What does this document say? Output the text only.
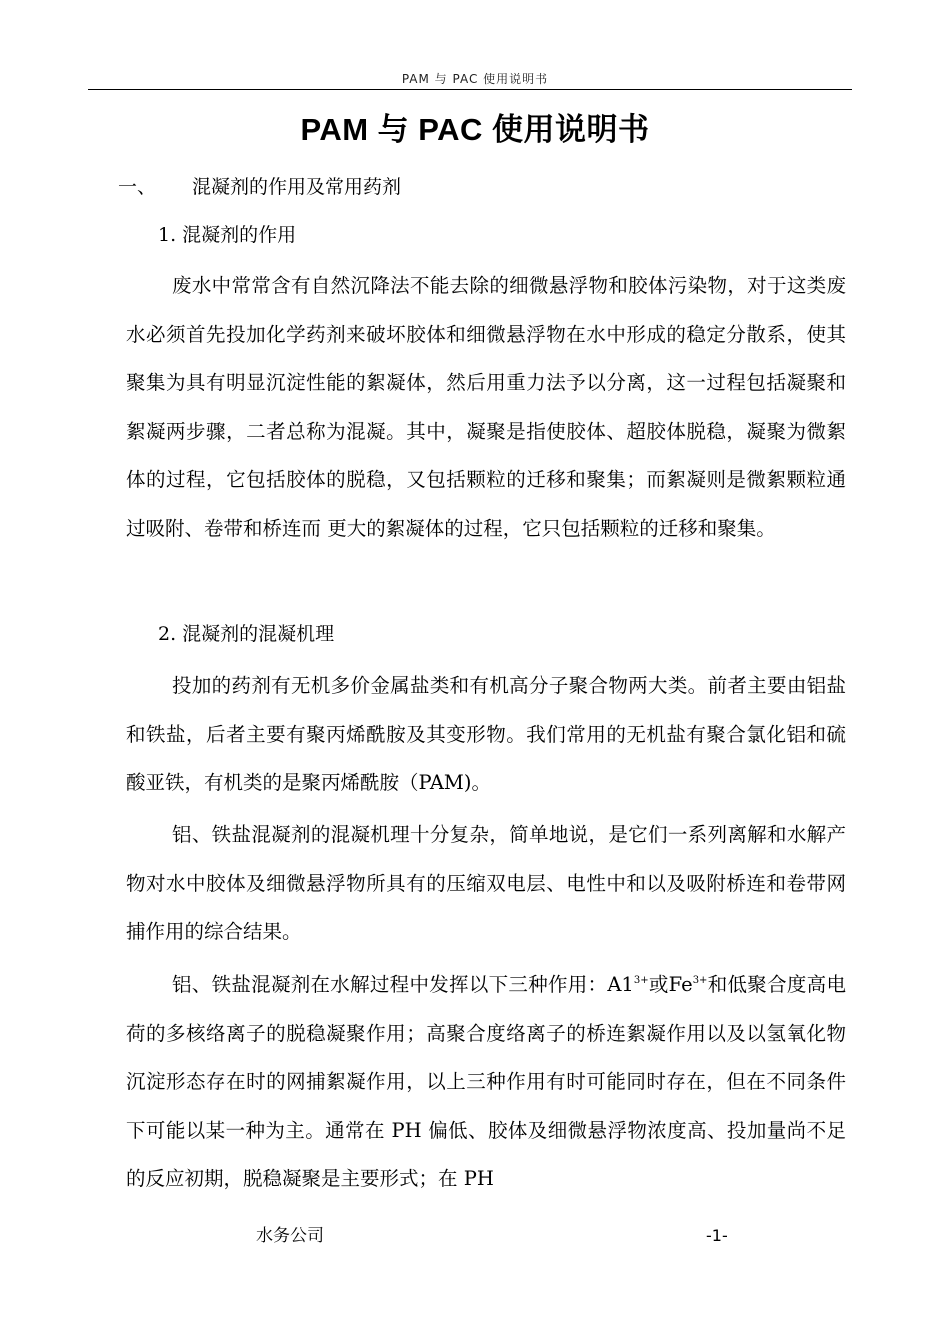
PAM 与 PAC 使用说明书
PAM 与 PAC 使用说明书
一、 混凝剂的作用及常用药剂
1. 混凝剂的作用

废水中常常含有自然沉降法不能去除的细微悬浮物和胶体污染物，对于这类废水必须首先投加化学药剂来破坏胶体和细微悬浮物在水中形成的稳定分散系，使其聚集为具有明显沉淀性能的絮凝体，然后用重力法予以分离，这一过程包括凝聚和絮凝两步骤，二者总称为混凝。其中，凝聚是指使胶体、超胶体脱稳，凝聚为微絮体的过程，它包括胶体的脱稳，又包括颗粒的迁移和聚集；而絮凝则是微絮颗粒通过吸附、卷带和桥连而 更大的絮凝体的过程，它只包括颗粒的迁移和聚集。

2. 混凝剂的混凝机理

投加的药剂有无机多价金属盐类和有机高分子聚合物两大类。前者主要由铝盐和铁盐，后者主要有聚丙烯酰胺及其变形物。我们常用的无机盐有聚合氯化铝和硫酸亚铁，有机类的是聚丙烯酰胺（PAM)。

铝、铁盐混凝剂的混凝机理十分复杂，简单地说，是它们一系列离解和水解产物对水中胶体及细微悬浮物所具有的压缩双电层、电性中和以及吸附桥连和卷带网捕作用的综合结果。

铝、铁盐混凝剂在水解过程中发挥以下三种作用：$A1^{3+}$或$Fe^{3+}$和低聚合度高电荷的多核络离子的脱稳凝聚作用；高聚合度络离子的桥连絮凝作用以及以氢氧化物沉淀形态存在时的网捕絮凝作用，以上三种作用有时可能同时存在，但在不同条件下可能以某一种为主。通常在 PH 偏低、胶体及细微悬浮物浓度高、投加量尚不足的反应初期，脱稳凝聚是主要形式；在 PH

水务公司	-1-
